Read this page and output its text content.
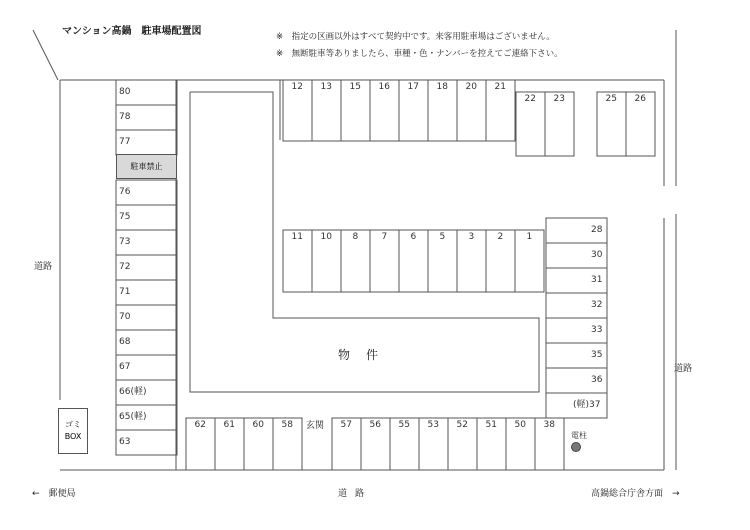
マンション高鍋　駐車場配置図	※　指定の区画以外はすべて契約中です。来客用駐車場はございません。
※　無断駐車等ありましたら、車種・色・ナンバーを控えてご連絡下さい。
道路
道路
←　郵便局	道路	高鍋総合庁舎方面　→
物件
玄関
電柱
ゴミ
BOX
駐車禁止
80
78
77
76
75
73
72
71
70
68
67
66(軽)
65(軽)
63
12 13 15 16 17 18 20 21
22 23	25 26
11 10 8	7	6	5	3	2	1
28
30
31
32
33
35
36
(軽)37
62 61 60 58	57 56 55 53 52 51 50 38
